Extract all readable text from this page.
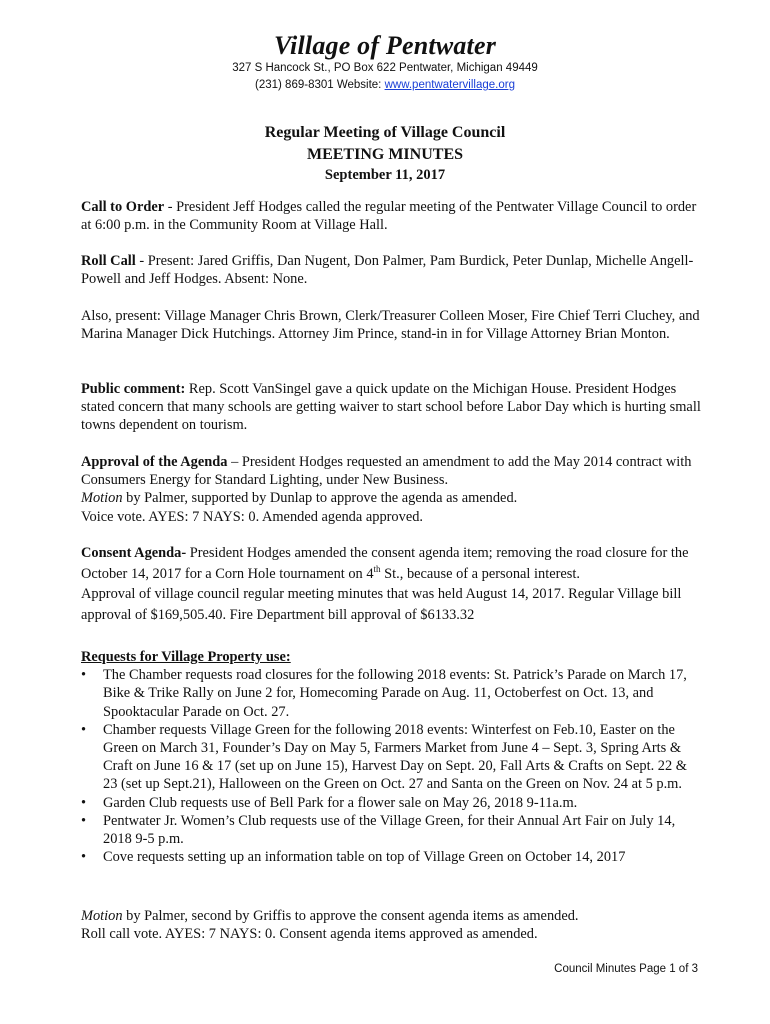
Village of Pentwater
327 S Hancock St., PO Box 622 Pentwater, Michigan 49449
(231) 869-8301 Website: www.pentwatervillage.org
Regular Meeting of Village Council
MEETING MINUTES
September 11, 2017
Call to Order - President Jeff Hodges called the regular meeting of the Pentwater Village Council to order at 6:00 p.m. in the Community Room at Village Hall.
Roll Call - Present: Jared Griffis, Dan Nugent, Don Palmer, Pam Burdick, Peter Dunlap, Michelle Angell-Powell and Jeff Hodges. Absent: None.
Also, present: Village Manager Chris Brown, Clerk/Treasurer Colleen Moser, Fire Chief Terri Cluchey, and Marina Manager Dick Hutchings. Attorney Jim Prince, stand-in in for Village Attorney Brian Monton.
Public comment: Rep. Scott VanSingel gave a quick update on the Michigan House. President Hodges stated concern that many schools are getting waiver to start school before Labor Day which is hurting small towns dependent on tourism.
Approval of the Agenda – President Hodges requested an amendment to add the May 2014 contract with Consumers Energy for Standard Lighting, under New Business.
Motion by Palmer, supported by Dunlap to approve the agenda as amended.
Voice vote. AYES: 7 NAYS: 0. Amended agenda approved.
Consent Agenda- President Hodges amended the consent agenda item; removing the road closure for the October 14, 2017 for a Corn Hole tournament on 4th St., because of a personal interest.
Approval of village council regular meeting minutes that was held August 14, 2017. Regular Village bill approval of $169,505.40. Fire Department bill approval of $6133.32
Requests for Village Property use:
• The Chamber requests road closures for the following 2018 events: St. Patrick’s Parade on March 17, Bike & Trike Rally on June 2 for, Homecoming Parade on Aug. 11, Octoberfest on Oct. 13, and Spooktacular Parade on Oct. 27.
• Chamber requests Village Green for the following 2018 events: Winterfest on Feb.10, Easter on the Green on March 31, Founder’s Day on May 5, Farmers Market from June 4 – Sept. 3, Spring Arts & Craft on June 16 & 17 (set up on June 15), Harvest Day on Sept. 20, Fall Arts & Crafts on Sept. 22 & 23 (set up Sept.21), Halloween on the Green on Oct. 27 and Santa on the Green on Nov. 24 at 5 p.m.
• Garden Club requests use of Bell Park for a flower sale on May 26, 2018 9-11a.m.
• Pentwater Jr. Women’s Club requests use of the Village Green, for their Annual Art Fair on July 14, 2018 9-5 p.m.
• Cove requests setting up an information table on top of Village Green on October 14, 2017
Motion by Palmer, second by Griffis to approve the consent agenda items as amended.
Roll call vote. AYES: 7 NAYS: 0. Consent agenda items approved as amended.
Council Minutes Page 1 of 3
